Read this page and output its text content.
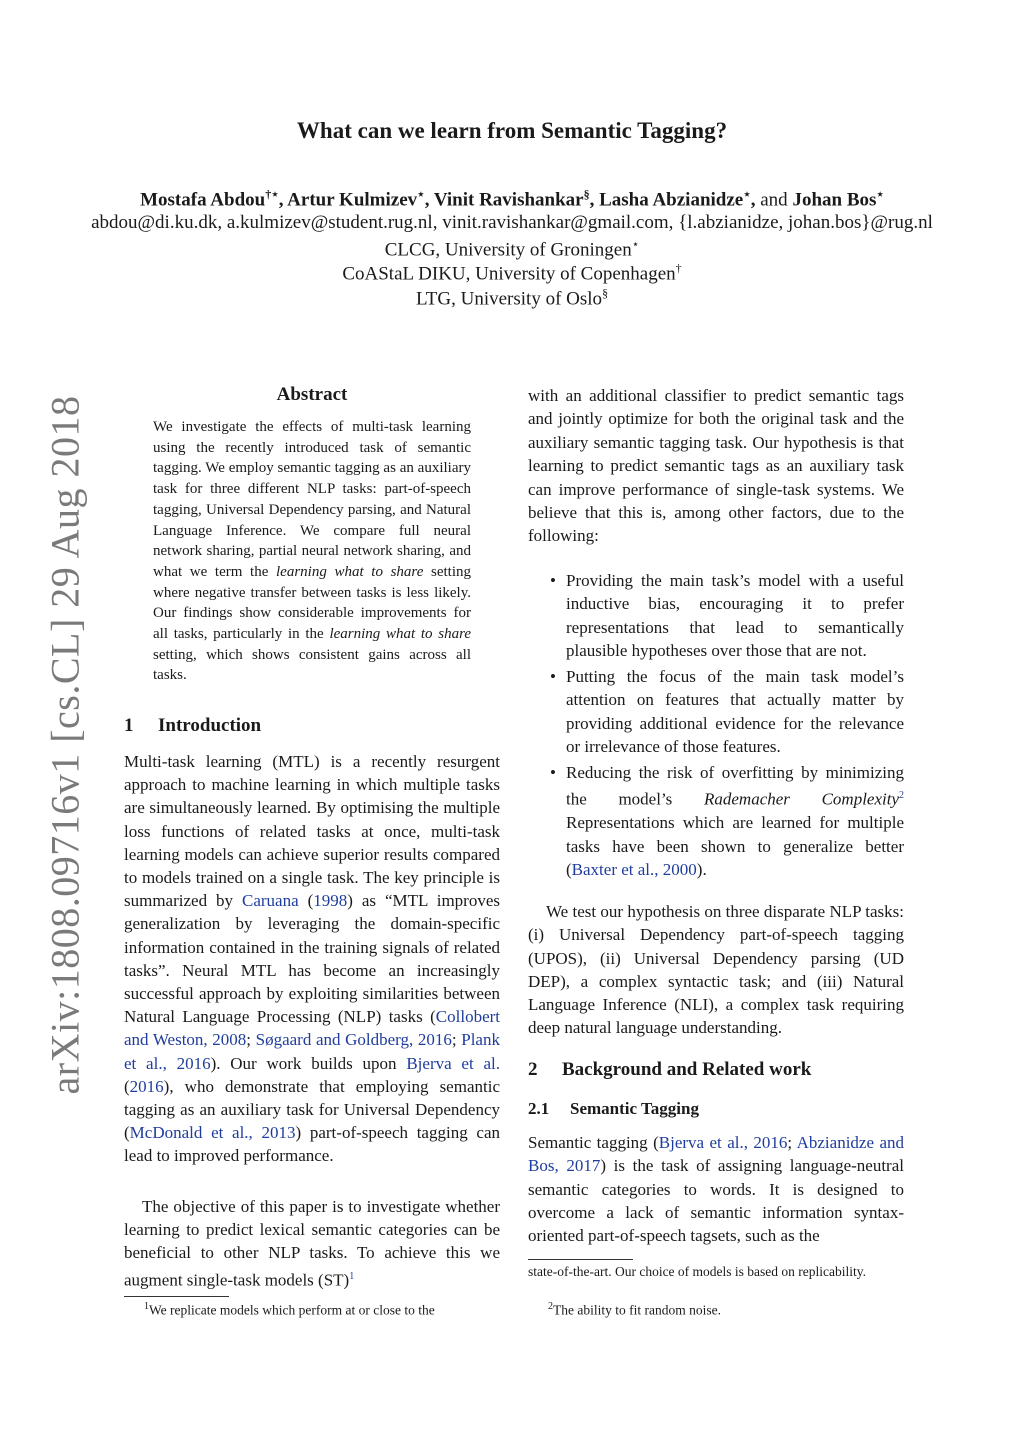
arXiv:1808.09716v1 [cs.CL] 29 Aug 2018
What can we learn from Semantic Tagging?
Mostafa Abdou†⋆, Artur Kulmizev⋆, Vinit Ravishankar§, Lasha Abzianidze⋆, and Johan Bos⋆
abdou@di.ku.dk, a.kulmizev@student.rug.nl, vinit.ravishankar@gmail.com, {l.abzianidze, johan.bos}@rug.nl
CLCG, University of Groningen⋆
CoAStaL DIKU, University of Copenhagen†
LTG, University of Oslo§
Abstract
We investigate the effects of multi-task learning using the recently introduced task of semantic tagging. We employ semantic tagging as an auxiliary task for three different NLP tasks: part-of-speech tagging, Universal Dependency parsing, and Natural Language Inference. We compare full neural network sharing, partial neural network sharing, and what we term the learning what to share setting where negative transfer between tasks is less likely. Our findings show considerable improvements for all tasks, particularly in the learning what to share setting, which shows consistent gains across all tasks.
1 Introduction
Multi-task learning (MTL) is a recently resurgent approach to machine learning in which multiple tasks are simultaneously learned. By optimising the multiple loss functions of related tasks at once, multi-task learning models can achieve superior results compared to models trained on a single task. The key principle is summarized by Caruana (1998) as “MTL improves generalization by leveraging the domain-specific information contained in the training signals of related tasks”. Neural MTL has become an increasingly successful approach by exploiting similarities between Natural Language Processing (NLP) tasks (Collobert and Weston, 2008; Søgaard and Goldberg, 2016; Plank et al., 2016). Our work builds upon Bjerva et al. (2016), who demonstrate that employing semantic tagging as an auxiliary task for Universal Dependency (McDonald et al., 2013) part-of-speech tagging can lead to improved performance.
The objective of this paper is to investigate whether learning to predict lexical semantic categories can be beneficial to other NLP tasks. To achieve this we augment single-task models (ST)$^1$
$^1$We replicate models which perform at or close to the
with an additional classifier to predict semantic tags and jointly optimize for both the original task and the auxiliary semantic tagging task. Our hypothesis is that learning to predict semantic tags as an auxiliary task can improve performance of single-task systems. We believe that this is, among other factors, due to the following:
• Providing the main task’s model with a useful inductive bias, encouraging it to prefer representations that lead to semantically plausible hypotheses over those that are not.
• Putting the focus of the main task model’s attention on features that actually matter by providing additional evidence for the relevance or irrelevance of those features.
• Reducing the risk of overfitting by minimizing the model’s Rademacher Complexity$^2$ Representations which are learned for multiple tasks have been shown to generalize better (Baxter et al., 2000).
We test our hypothesis on three disparate NLP tasks: (i) Universal Dependency part-of-speech tagging (UPOS), (ii) Universal Dependency parsing (UD DEP), a complex syntactic task; and (iii) Natural Language Inference (NLI), a complex task requiring deep natural language understanding.
2 Background and Related work
2.1 Semantic Tagging
Semantic tagging (Bjerva et al., 2016; Abzianidze and Bos, 2017) is the task of assigning language-neutral semantic categories to words. It is designed to overcome a lack of semantic information syntax-oriented part-of-speech tagsets, such as the
state-of-the-art. Our choice of models is based on replicability.
$^2$The ability to fit random noise.
